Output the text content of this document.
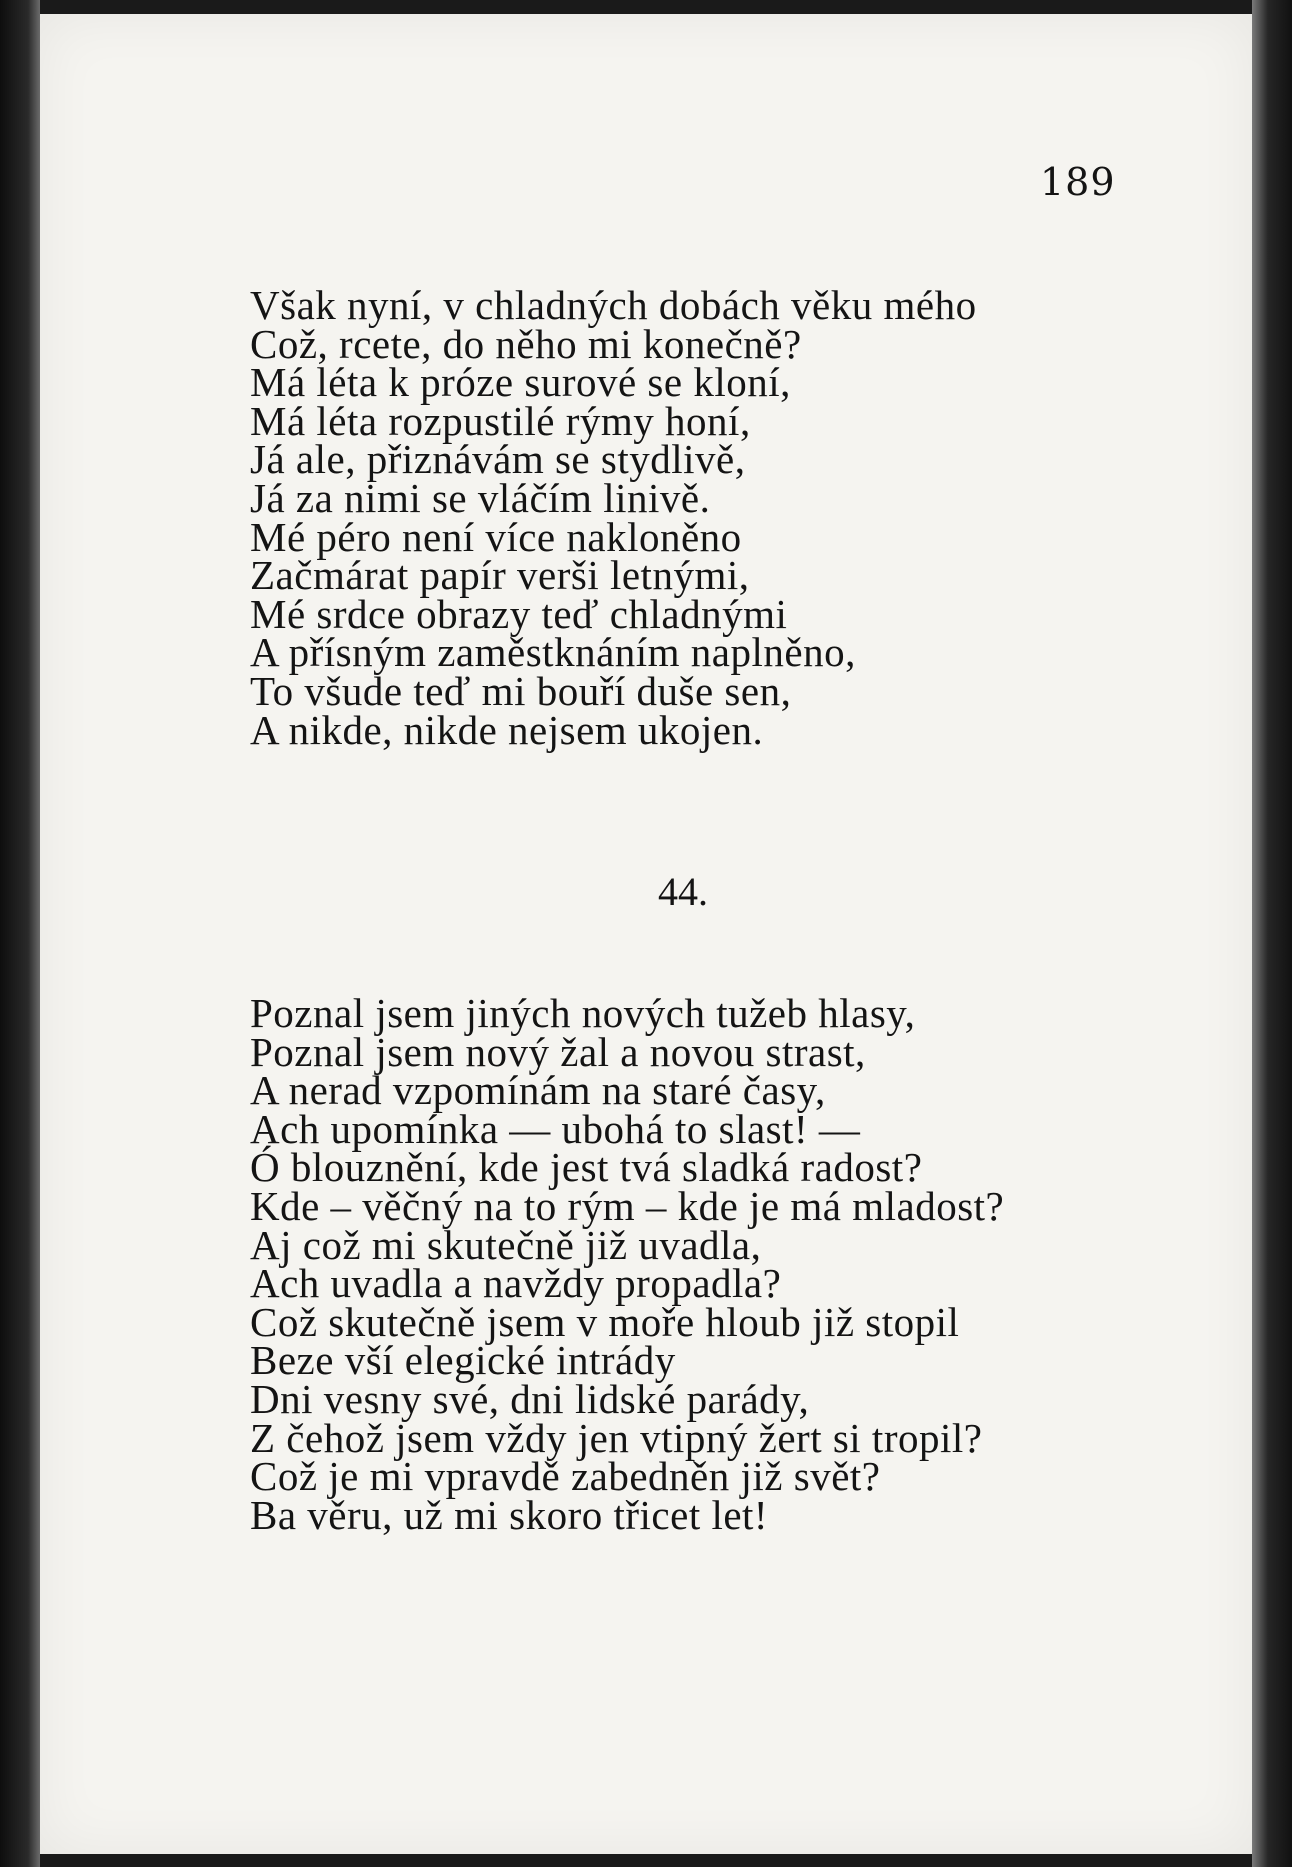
189
Však nyní, v chladných dobách věku mého
Což, rcete, do něho mi konečně?
Má léta k próze surové se kloní,
Má léta rozpustilé rýmy honí,
Já ale, přiznávám se stydlivě,
Já za nimi se vláčím linivě.
Mé péro není více nakloněno
Začmárat papír verši letnými,
Mé srdce obrazy teď chladnými
A přísným zaměstknáním naplněno,
To všude teď mi bouří duše sen,
A nikde, nikde nejsem ukojen.
44.
Poznal jsem jiných nových tužeb hlasy,
Poznal jsem nový žal a novou strast,
A nerad vzpomínám na staré časy,
Ach upomínka — ubohá to slast! —
Ó blouznění, kde jest tvá sladká radost?
Kde – věčný na to rým – kde je má mladost?
Aj což mi skutečně již uvadla,
Ach uvadla a navždy propadla?
Což skutečně jsem v moře hloub již stopil
Beze vší elegické intrády
Dni vesny své, dni lidské parády,
Z čehož jsem vždy jen vtipný žert si tropil?
Což je mi vpravdě zabedněn již svět?
Ba věru, už mi skoro třicet let!
